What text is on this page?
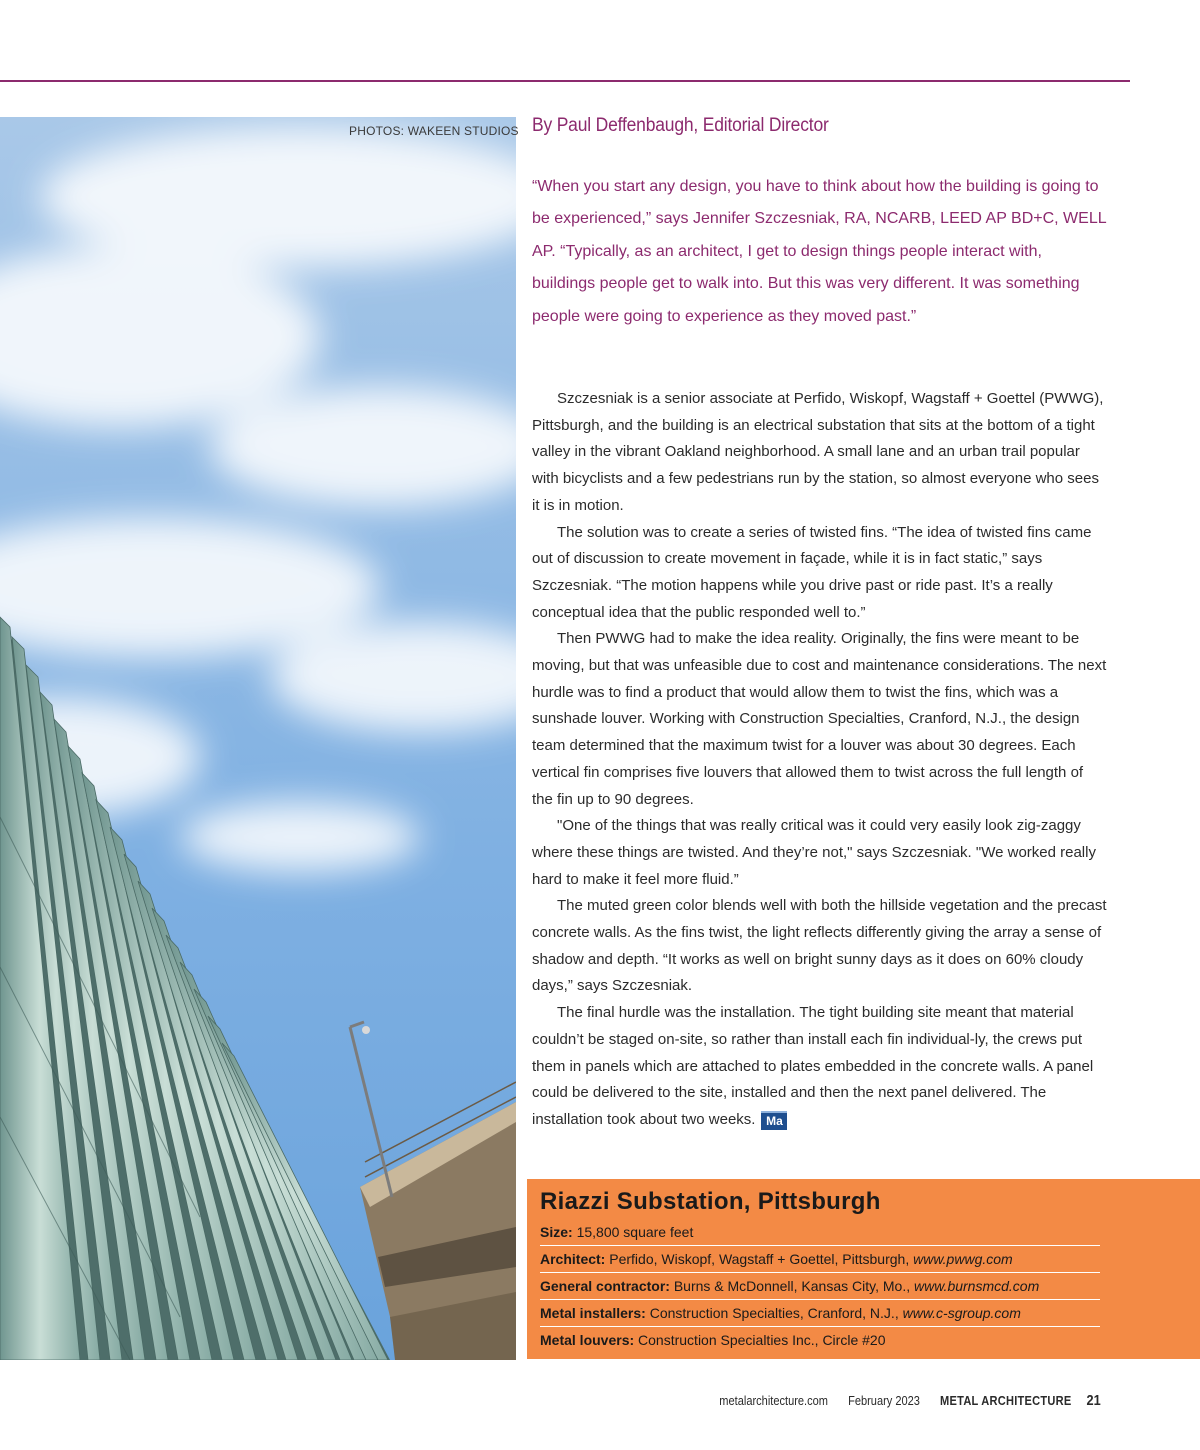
PHOTOS: WAKEEN STUDIOS By Paul Deffenbaugh, Editorial Director
“When you start any design, you have to think about how the building is going to be experienced,” says Jennifer Szczesniak, RA, NCARB, LEED AP BD+C, WELL AP. “Typically, as an architect, I get to design things people interact with, buildings people get to walk into. But this was very different. It was something people were going to experience as they moved past.”

Szczesniak is a senior associate at Perfido, Wiskopf, Wagstaff + Goettel (PWWG), Pittsburgh, and the building is an electrical substation that sits at the bottom of a tight valley in the vibrant Oakland neighborhood. A small lane and an urban trail popular with bicyclists and a few pedestrians run by the station, so almost everyone who sees it is in motion.

The solution was to create a series of twisted fins. “The idea of twisted fins came out of discussion to create movement in façade, while it is in fact static,” says Szczesniak. “The motion happens while you drive past or ride past. It’s a really conceptual idea that the public responded well to.”

Then PWWG had to make the idea reality. Originally, the fins were meant to be moving, but that was unfeasible due to cost and maintenance considerations. The next hurdle was to find a product that would allow them to twist the fins, which was a sunshade louver. Working with Construction Specialties, Cranford, N.J., the design team determined that the maximum twist for a louver was about 30 degrees. Each vertical fin comprises five louvers that allowed them to twist across the full length of the fin up to 90 degrees.

"One of the things that was really critical was it could very easily look zig-zaggy where these things are twisted. And they’re not," says Szczesniak. "We worked really hard to make it feel more fluid.”

The muted green color blends well with both the hillside vegetation and the precast concrete walls. As the fins twist, the light reflects differently giving the array a sense of shadow and depth. “It works as well on bright sunny days as it does on 60% cloudy days,” says Szczesniak.

The final hurdle was the installation. The tight building site meant that material couldn’t be staged on-site, so rather than install each fin individual-ly, the crews put them in panels which are attached to plates embedded in the concrete walls. A panel could be delivered to the site, installed and then the next panel delivered. The installation took about two weeks. Ma

Riazzi Substation, Pittsburgh
Size: 15,800 square feet
Architect: Perfido, Wiskopf, Wagstaff + Goettel, Pittsburgh, www.pwwg.com
General contractor: Burns & McDonnell, Kansas City, Mo., www.burnsmcd.com
Metal installers: Construction Specialties, Cranford, N.J., www.c-sgroup.com
Metal louvers: Construction Specialties Inc., Circle #20
metalarchitecture.com February 2023 METAL ARCHITECTURE 21
